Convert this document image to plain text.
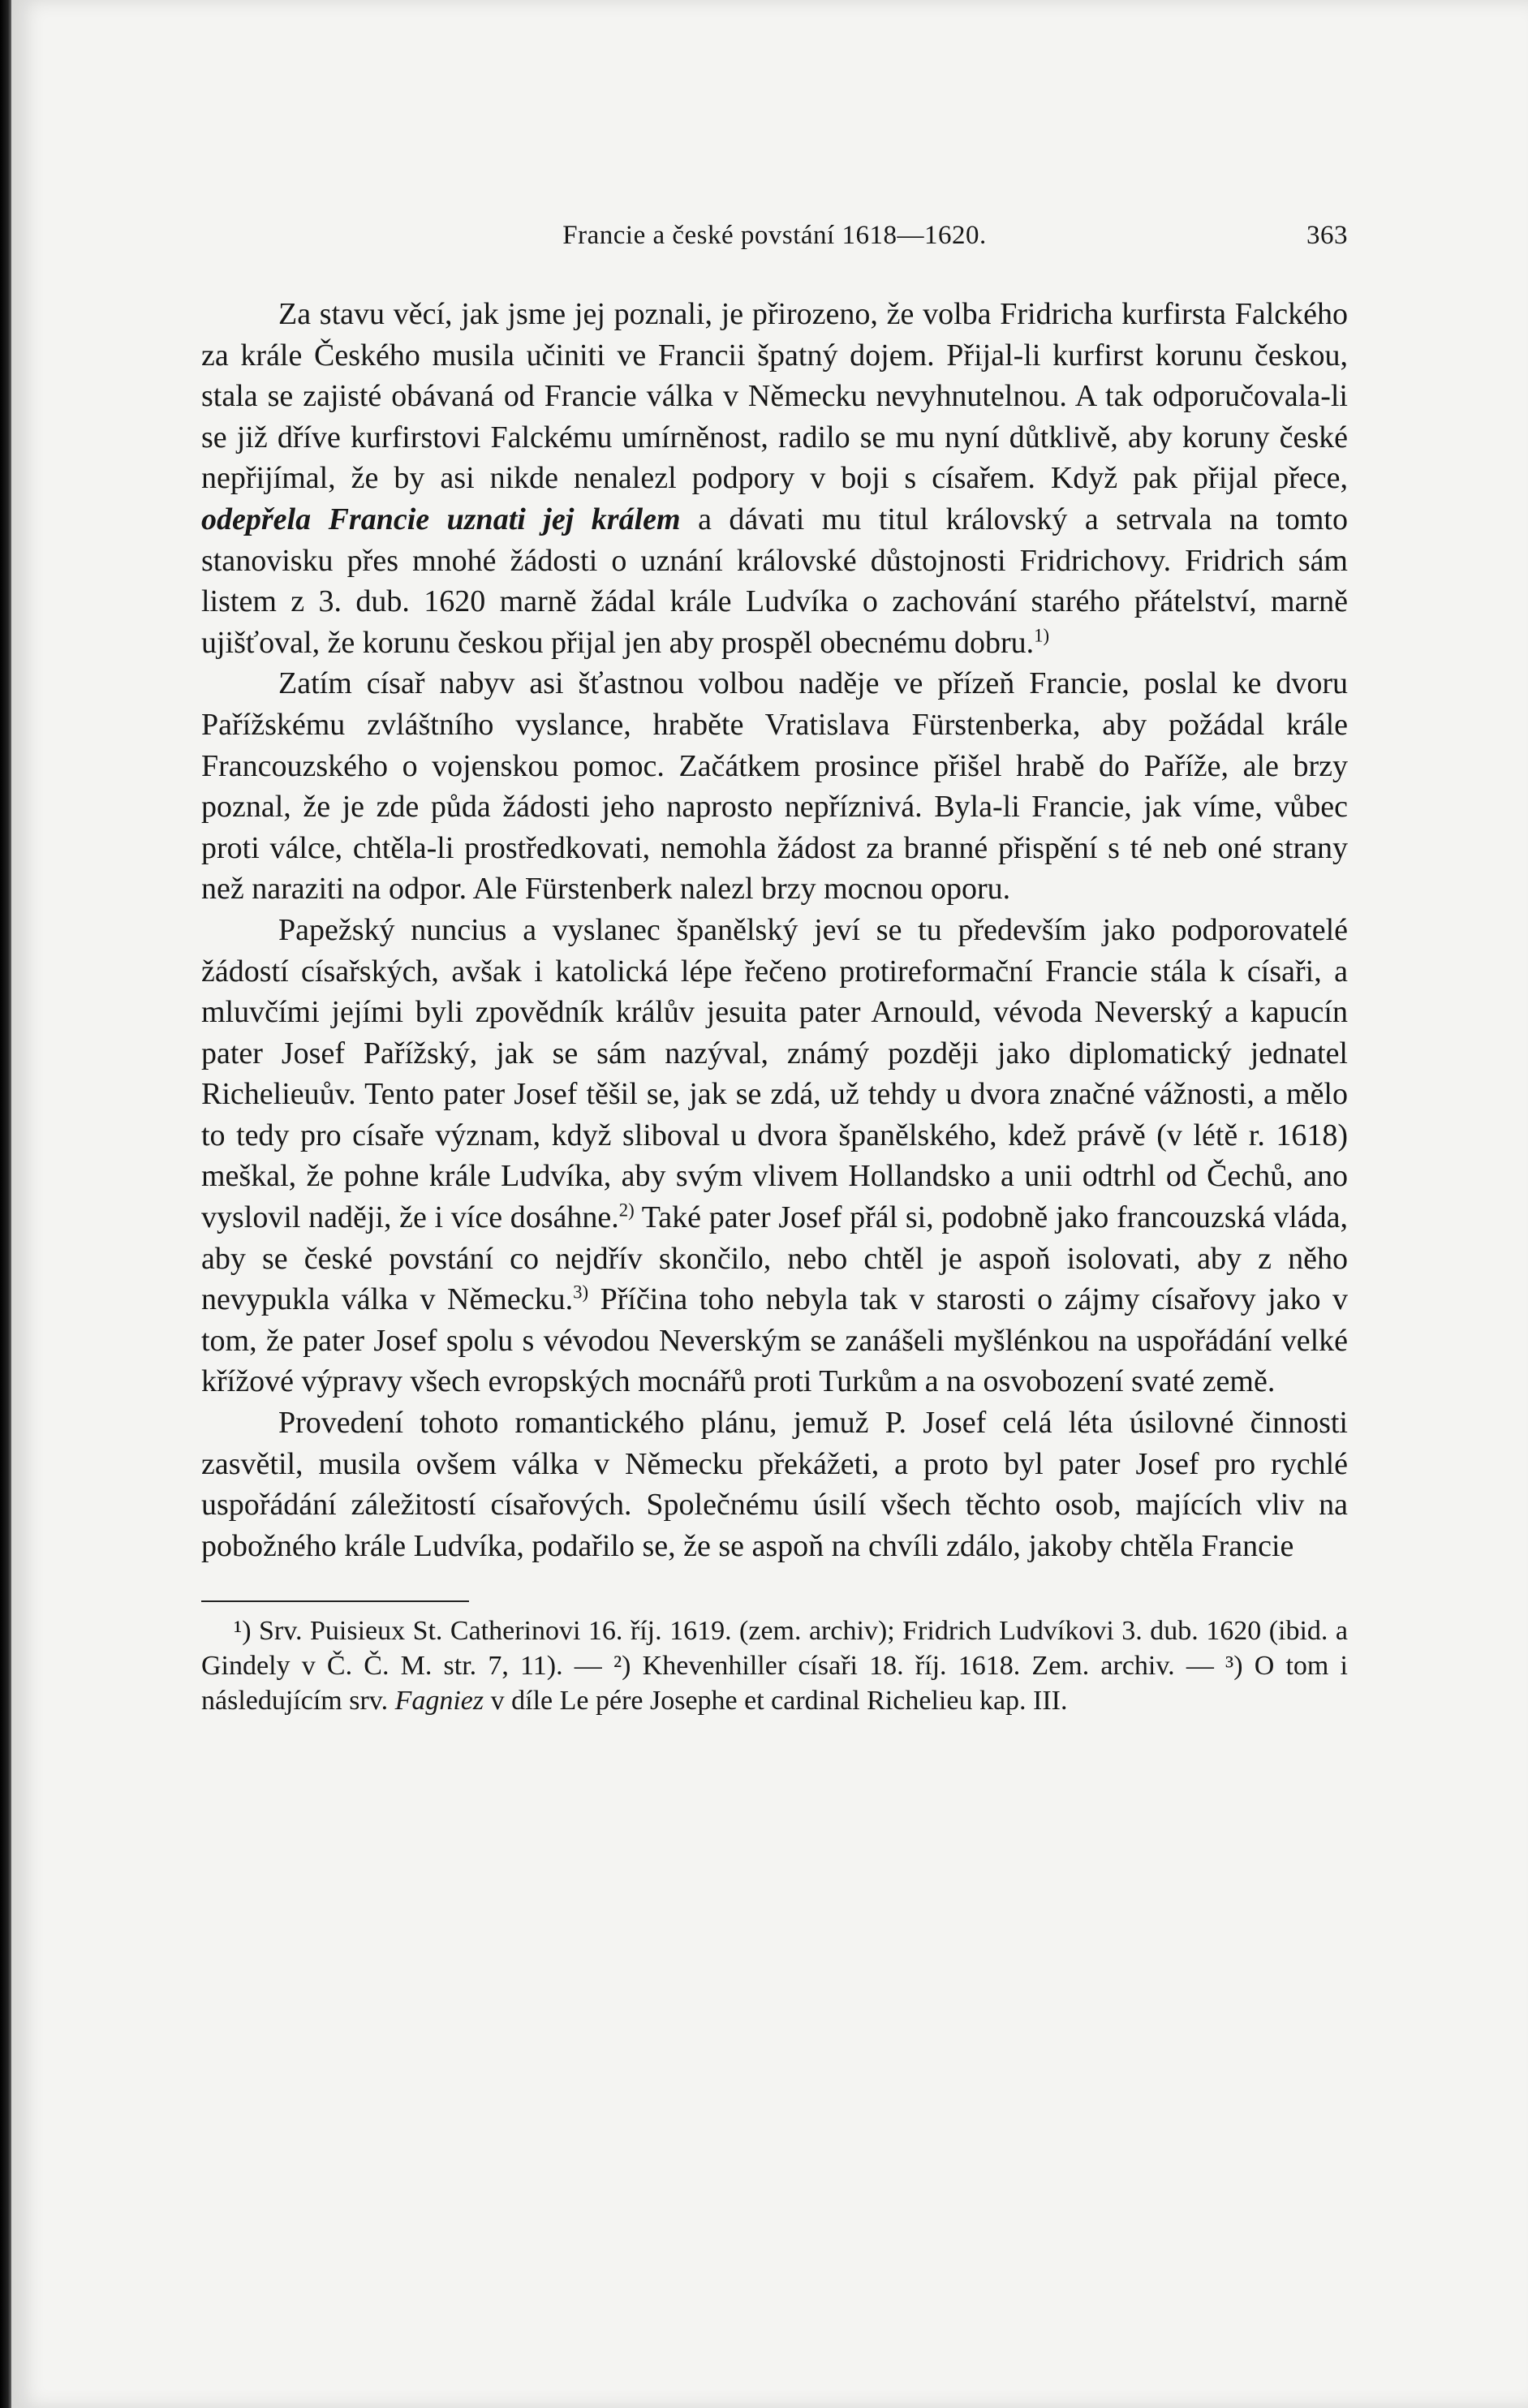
Francie a české povstání 1618—1620.	363

Za stavu věcí, jak jsme jej poznali, je přirozeno, že volba Fridricha kurfirsta Falckého za krále Českého musila učiniti ve Francii špatný dojem. Přijal-li kurfirst korunu českou, stala se zajisté obávaná od Francie válka v Německu nevyhnutelnou. A tak odporučovala-li se již dříve kurfirstovi Falckému umírněnost, radilo se mu nyní důtklivě, aby koruny české nepřijímal, že by asi nikde nenalezl podpory v boji s císařem. Když pak přijal přece, odepřela Francie uznati jej králem a dávati mu titul královský a setrvala na tomto stanovisku přes mnohé žádosti o uznání královské důstojnosti Fridrichovy. Fridrich sám listem z 3. dub. 1620 marně žádal krále Ludvíka o zachování starého přátelství, marně ujišťoval, že korunu českou přijal jen aby prospěl obecnému dobru.$^{1)}$

Zatím císař nabyv asi šťastnou volbou naděje ve přízeň Francie, poslal ke dvoru Pařížskému zvláštního vyslance, hraběte Vratislava Fürstenberka, aby požádal krále Francouzského o vojenskou pomoc. Začátkem prosince přišel hrabě do Paříže, ale brzy poznal, že je zde půda žádosti jeho naprosto nepříznivá. Byla-li Francie, jak víme, vůbec proti válce, chtěla-li prostředkovati, nemohla žádost za branné přispění s té neb oné strany než naraziti na odpor. Ale Fürstenberk nalezl brzy mocnou oporu.

Papežský nuncius a vyslanec španělský jeví se tu především jako podporovatelé žádostí císařských, avšak i katolická lépe řečeno protireformační Francie stála k císaři, a mluvčími jejími byli zpovědník králův jesuita pater Arnould, vévoda Neverský a kapucín pater Josef Pařížský, jak se sám nazýval, známý později jako diplomatický jednatel Richelieuův. Tento pater Josef těšil se, jak se zdá, už tehdy u dvora značné vážnosti, a mělo to tedy pro císaře význam, když sliboval u dvora španělského, kdež právě (v létě r. 1618) meškal, že pohne krále Ludvíka, aby svým vlivem Hollandsko a unii odtrhl od Čechů, ano vyslovil naději, že i více dosáhne.$^{2)}$ Také pater Josef přál si, podobně jako francouzská vláda, aby se české povstání co nejdřív skončilo, nebo chtěl je aspoň isolovati, aby z něho nevypukla válka v Německu.$^{3)}$ Příčina toho nebyla tak v starosti o zájmy císařovy jako v tom, že pater Josef spolu s vévodou Neverským se zanášeli myšlénkou na uspořádání velké křížové výpravy všech evropských mocnářů proti Turkům a na osvobození svaté země.

Provedení tohoto romantického plánu, jemuž P. Josef celá léta úsilovné činnosti zasvětil, musila ovšem válka v Německu překážeti, a proto byl pater Josef pro rychlé uspořádání záležitostí císařových. Společnému úsilí všech těchto osob, majících vliv na pobožného krále Ludvíka, podařilo se, že se aspoň na chvíli zdálo, jakoby chtěla Francie

¹) Srv. Puisieux St. Catherinovi 16. říj. 1619. (zem. archiv); Fridrich Ludvíkovi 3. dub. 1620 (ibid. a Gindely v Č. Č. M. str. 7, 11). — ²) Khevenhiller císaři 18. říj. 1618. Zem. archiv. — ³) O tom i následujícím srv. Fagniez v díle Le pére Josephe et cardinal Richelieu kap. III.
